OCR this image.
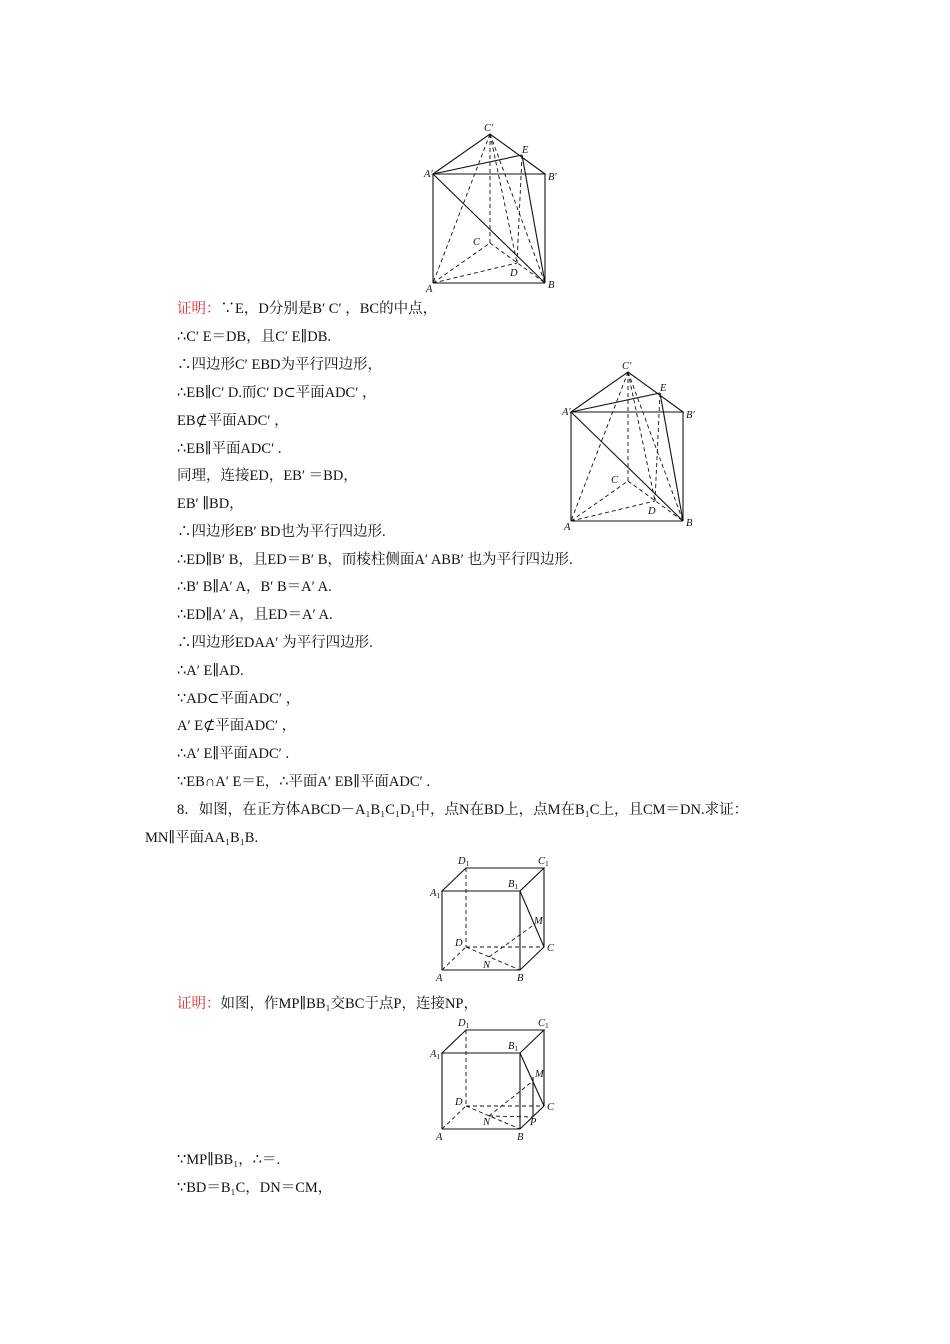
C′
E
A′	B′
C
D
A	B
C′
E
A′	B′
C
D
A	B
证明：∵E，D分别是B′ C′ ，BC的中点，
∴C′ E＝DB，且C′ E∥DB.
∴四边形C′ EBD为平行四边形，
∴EB∥C′ D.而C′ D⊂平面ADC′ ，
EB⊄平面ADC′ ，
∴EB∥平面ADC′ .
同理，连接ED，EB′ ＝BD，
EB′ ∥BD，
∴四边形EB′ BD也为平行四边形.
∴ED∥B′ B，且ED＝B′ B，而棱柱侧面A′ ABB′ 也为平行四边形.
∴B′ B∥A′ A，B′ B＝A′ A.
∴ED∥A′ A，且ED＝A′ A.
∴四边形EDAA′ 为平行四边形.
∴A′ E∥AD.
∵AD⊂平面ADC′ ，
A′ E⊄平面ADC′ ，
∴A′ E∥平面ADC′ .
∵EB∩A′ E＝E，∴平面A′ EB∥平面ADC′ .
8．如图，在正方体ABCD－A₁B₁C₁D₁中，点N在BD上，点M在B₁C上，且CM＝DN.求证：
MN∥平面AA₁B₁B.
D1	C1
A1
B1
M
D	C
N
A	B
证明：如图，作MP∥BB₁交BC于点P，连接NP，
D1	C1
A1
B1
M
D	C
N	P
A	B
∵MP∥BB₁，∴＝.
∵BD＝B₁C，DN＝CM，
